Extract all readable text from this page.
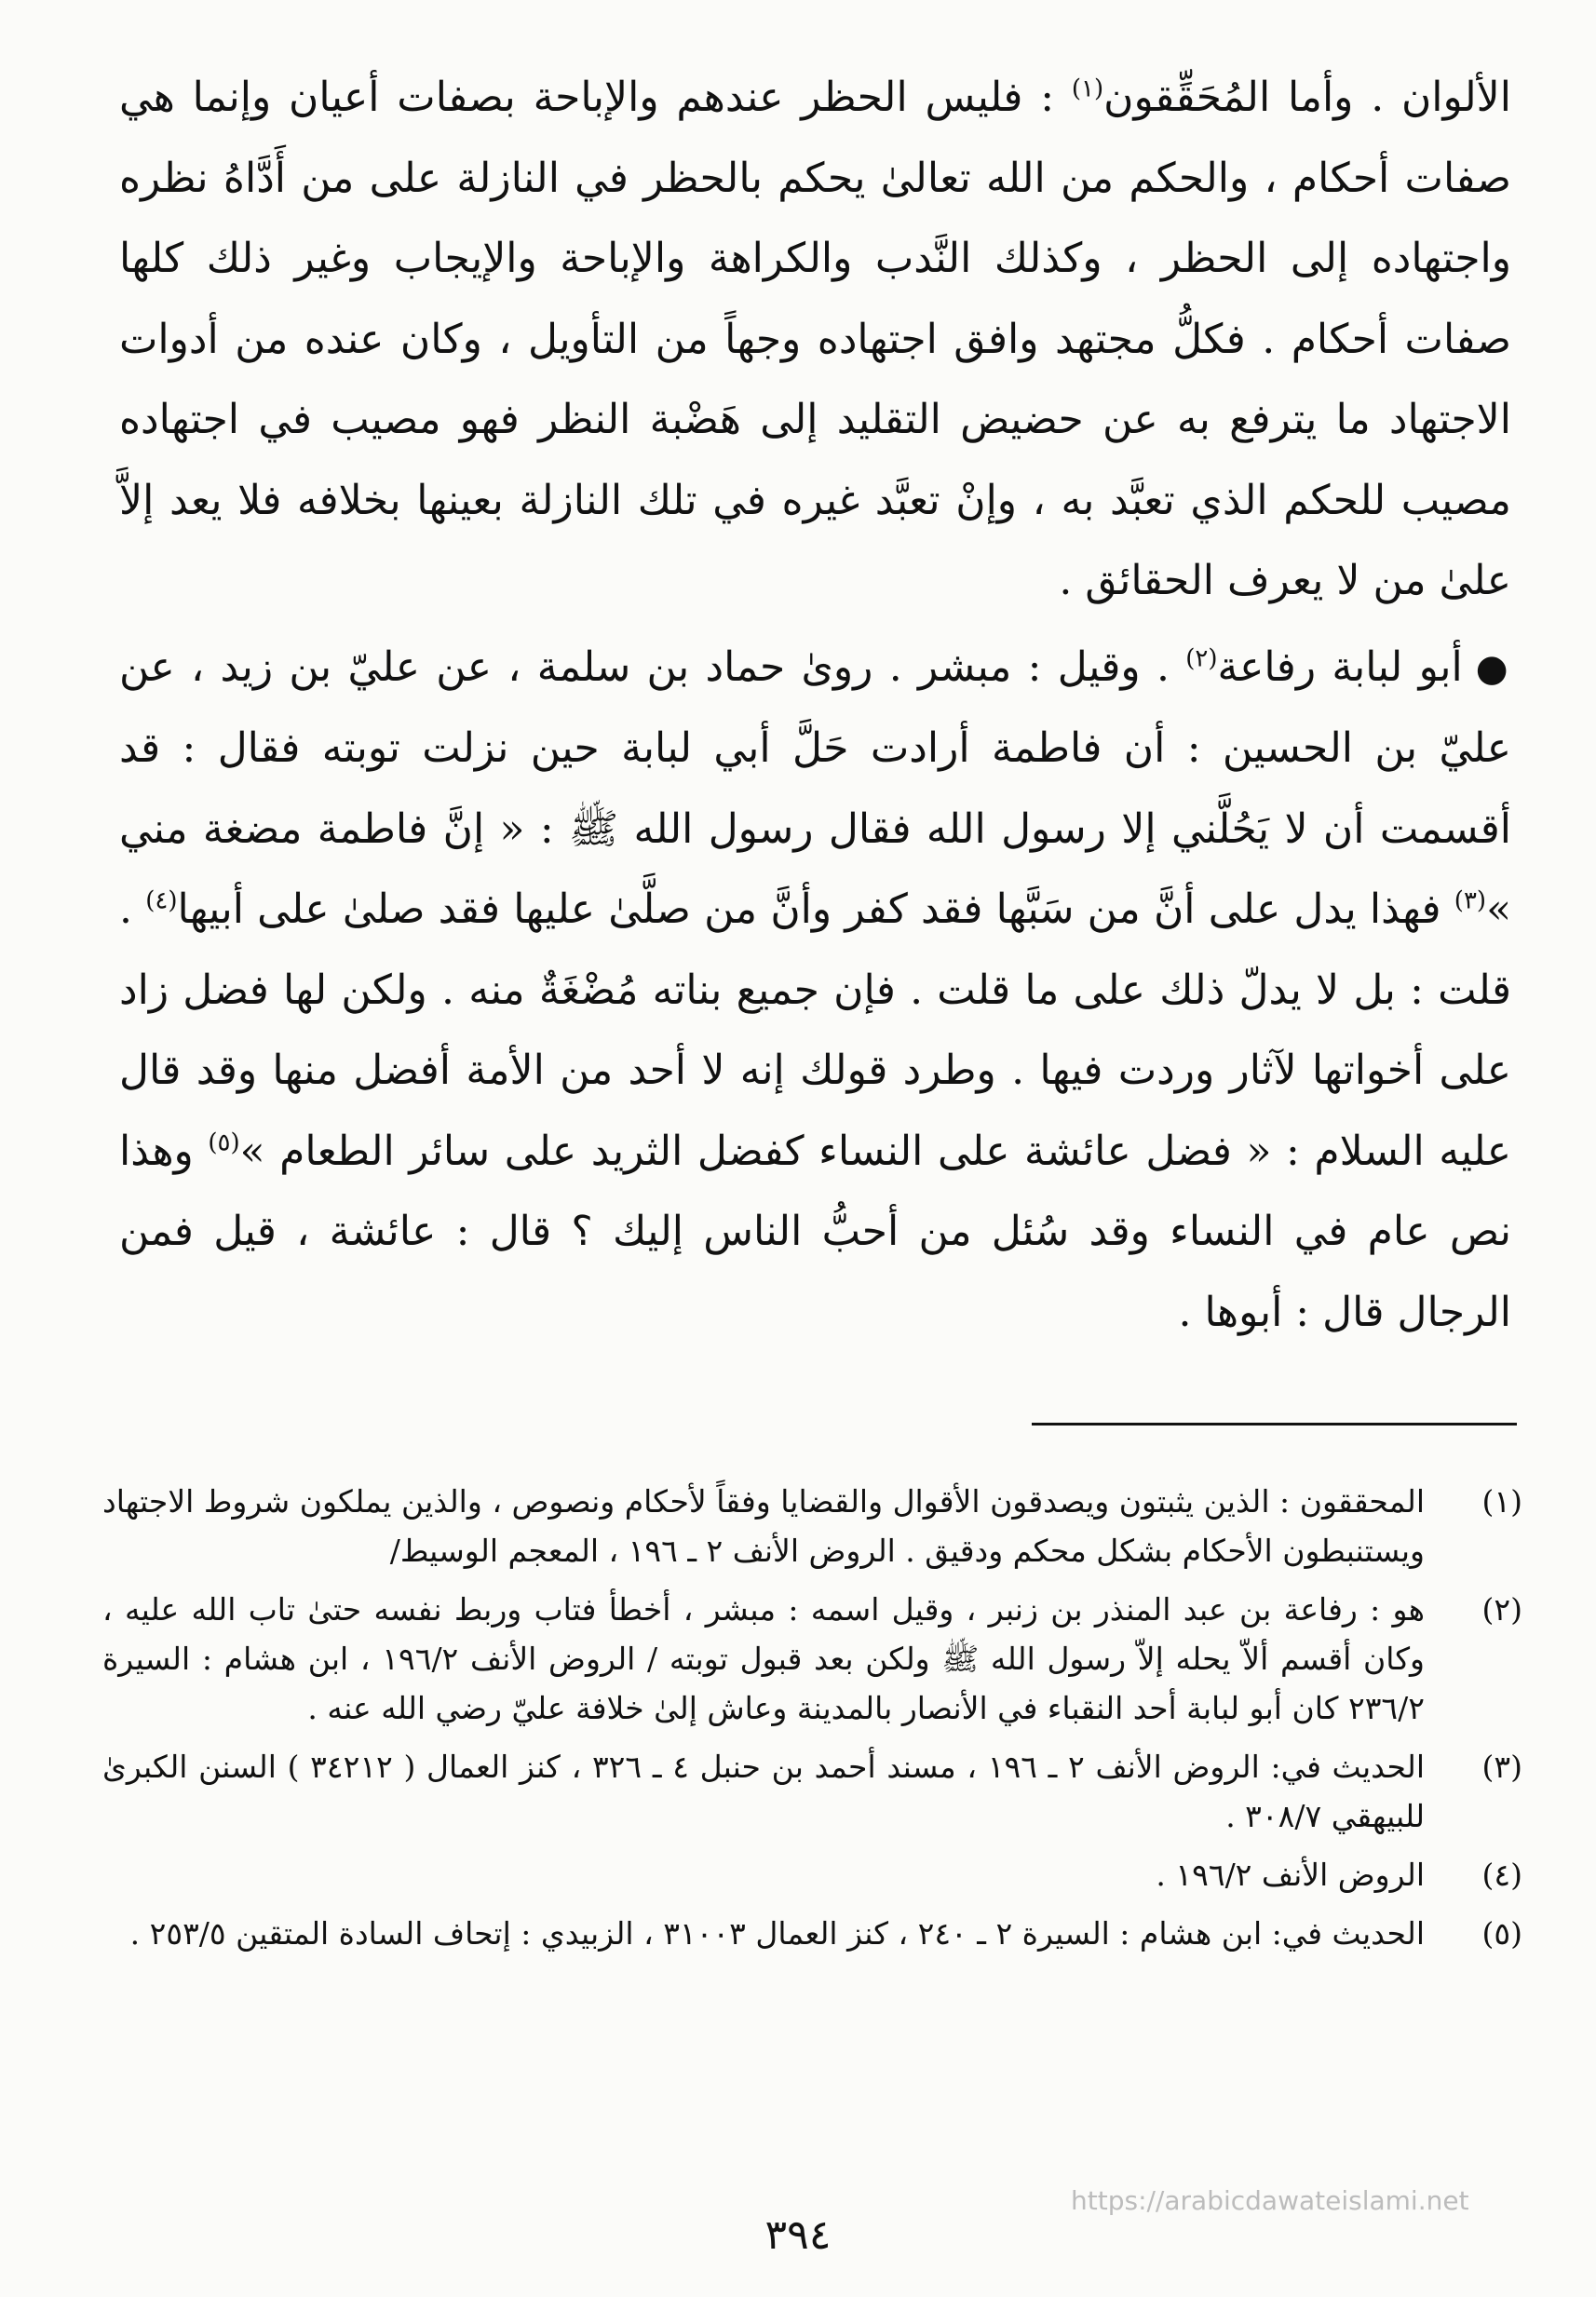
الألوان . وأما المُحَقِّقون$^{(١)}$ : فليس الحظر عندهم والإباحة بصفات أعيان وإنما هي صفات أحكام ، والحكم من الله تعالىٰ يحكم بالحظر في النازلة على من أَدَّاهُ نظره واجتهاده إلى الحظر ، وكذلك النَّدب والكراهة والإباحة والإيجاب وغير ذلك كلها صفات أحكام . فكلُّ مجتهد وافق اجتهاده وجهاً من التأويل ، وكان عنده من أدوات الاجتهاد ما يترفع به عن حضيض التقليد إلى هَضْبة النظر فهو مصيب في اجتهاده مصيب للحكم الذي تعبَّد به ، وإنْ تعبَّد غيره في تلك النازلة بعينها بخلافه فلا يعد إلاَّ علىٰ من لا يعرف الحقائق .

●أبو لبابة رفاعة$^{(٢)}$ . وقيل : مبشر . روىٰ حماد بن سلمة ، عن عليّ بن زيد ، عن عليّ بن الحسين : أن فاطمة أرادت حَلَّ أبي لبابة حين نزلت توبته فقال : قد أقسمت أن لا يَحُلَّني إلا رسول الله فقال رسول الله ﷺ : « إنَّ فاطمة مضغة مني »$^{(٣)}$ فهذا يدل على أنَّ من سَبَّها فقد كفر وأنَّ من صلَّىٰ عليها فقد صلىٰ على أبيها$^{(٤)}$ . قلت : بل لا يدلّ ذلك على ما قلت . فإن جميع بناته مُضْغَةٌ منه . ولكن لها فضل زاد على أخواتها لآثار وردت فيها . وطرد قولك إنه لا أحد من الأمة أفضل منها وقد قال عليه السلام : « فضل عائشة على النساء كفضل الثريد على سائر الطعام »$^{(٥)}$ وهذا نص عام في النساء وقد سُئل من أحبُّ الناس إليك ؟ قال : عائشة ، قيل فمن الرجال قال : أبوها .

(١)
المحققون : الذين يثبتون ويصدقون الأقوال والقضايا وفقاً لأحكام ونصوص ، والذين يملكون شروط الاجتهاد ويستنبطون الأحكام بشكل محكم ودقيق . الروض الأنف ٢ ـ ١٩٦ ، المعجم الوسيط/

(٢)
هو : رفاعة بن عبد المنذر بن زنبر ، وقيل اسمه : مبشر ، أخطأ فتاب وربط نفسه حتىٰ تاب الله عليه ، وكان أقسم ألاّ يحله إلاّ رسول الله ﷺ ولكن بعد قبول توبته / الروض الأنف ١٩٦/٢ ، ابن هشام : السيرة ٢٣٦/٢ كان أبو لبابة أحد النقباء في الأنصار بالمدينة وعاش إلىٰ خلافة عليّ رضي الله عنه .

(٣)
الحديث في: الروض الأنف ٢ ـ ١٩٦ ، مسند أحمد بن حنبل ٤ ـ ٣٢٦ ، كنز العمال ( ٣٤٢١٢ ) السنن الكبرىٰ للبيهقي ٣٠٨/٧ .

(٤)
الروض الأنف ١٩٦/٢ .

(٥)
الحديث في: ابن هشام : السيرة ٢ ـ ٢٤٠ ، كنز العمال ٣١٠٠٣ ، الزبيدي : إتحاف السادة المتقين ٢٥٣/٥ .

https://arabicdawateislami.net
٣٩٤
